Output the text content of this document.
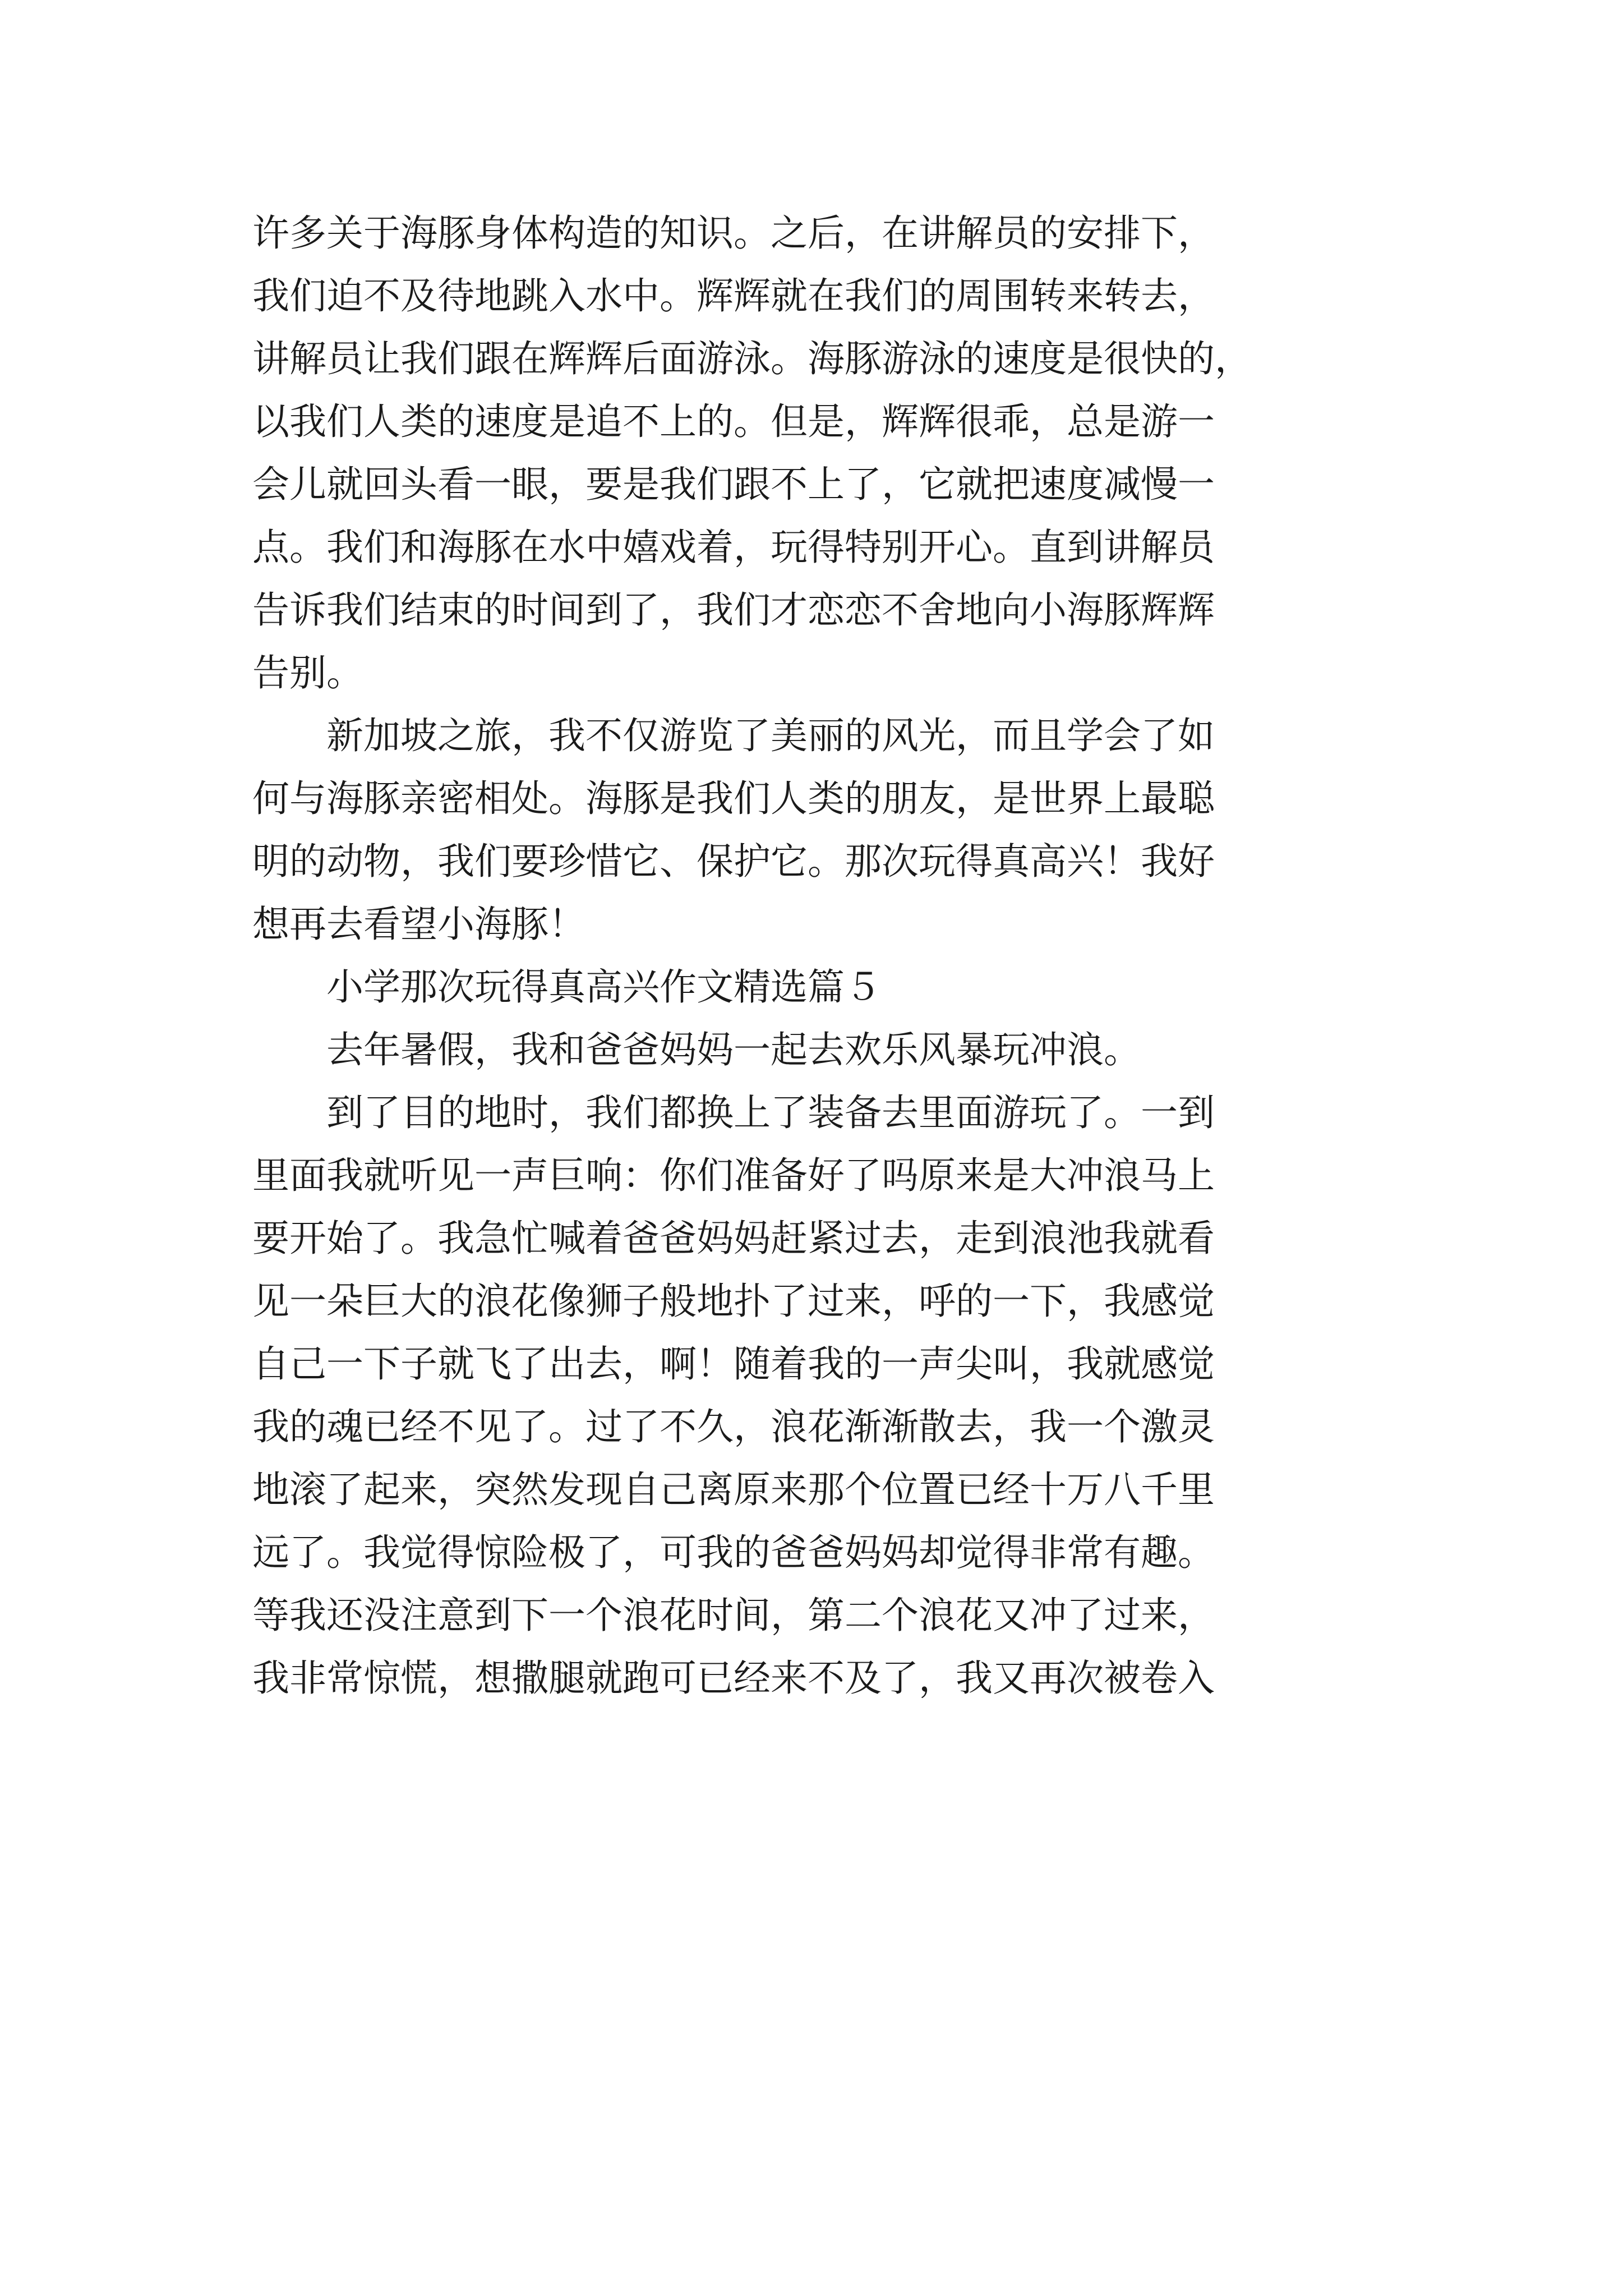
许多关于海豚身体构造的知识。之后，在讲解员的安排下，

我们迫不及待地跳入水中。辉辉就在我们的周围转来转去，

讲解员让我们跟在辉辉后面游泳。海豚游泳的速度是很快的，

以我们人类的速度是追不上的。但是，辉辉很乖，总是游一

会儿就回头看一眼，要是我们跟不上了，它就把速度减慢一

点。我们和海豚在水中嬉戏着，玩得特别开心。直到讲解员

告诉我们结束的时间到了，我们才恋恋不舍地向小海豚辉辉

告别。

新加坡之旅，我不仅游览了美丽的风光，而且学会了如

何与海豚亲密相处。海豚是我们人类的朋友，是世界上最聪

明的动物，我们要珍惜它、保护它。那次玩得真高兴！我好

想再去看望小海豚！

小学那次玩得真高兴作文精选篇５

去年暑假，我和爸爸妈妈一起去欢乐风暴玩冲浪。

到了目的地时，我们都换上了装备去里面游玩了。一到

里面我就听见一声巨响：你们准备好了吗原来是大冲浪马上

要开始了。我急忙喊着爸爸妈妈赶紧过去，走到浪池我就看

见一朵巨大的浪花像狮子般地扑了过来，呼的一下，我感觉

自己一下子就飞了出去，啊！随着我的一声尖叫，我就感觉

我的魂已经不见了。过了不久，浪花渐渐散去，我一个激灵

地滚了起来，突然发现自己离原来那个位置已经十万八千里

远了。我觉得惊险极了，可我的爸爸妈妈却觉得非常有趣。

等我还没注意到下一个浪花时间，第二个浪花又冲了过来，

我非常惊慌，想撒腿就跑可已经来不及了，我又再次被卷入
